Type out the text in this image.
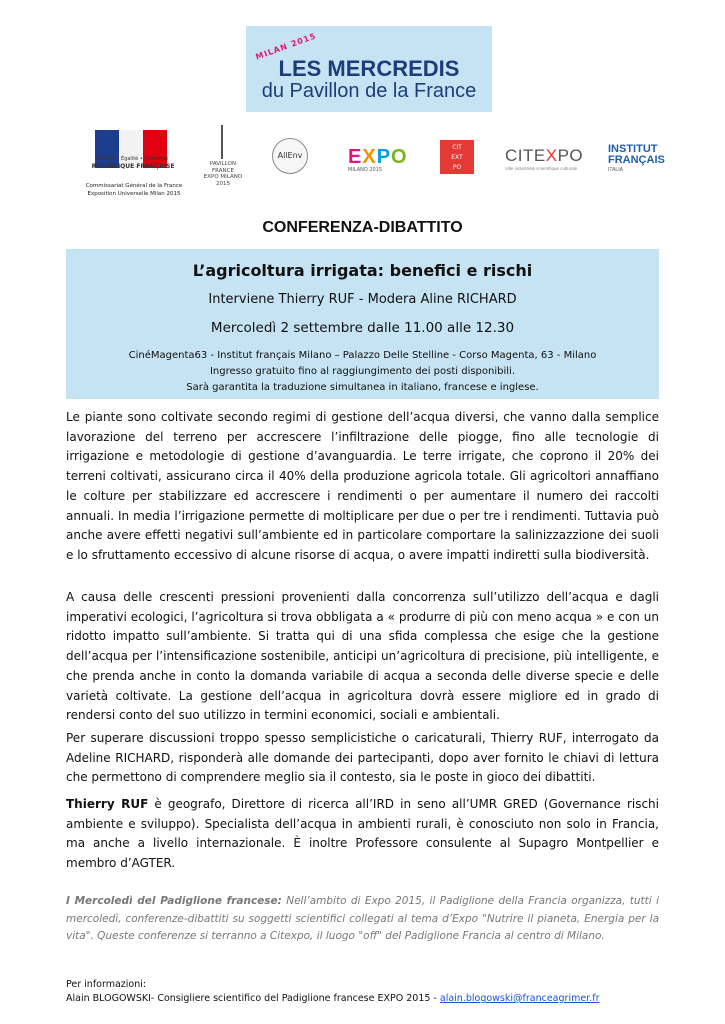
MILAN 2015
LES MERCREDIS
du Pavillon de la France
Liberté • Égalité • Fraternité
RÉPUBLIQUE FRANÇAISE
Commissariat Général de la France
Exposition Universelle Milan 2015
PAVILLON
FRANCE
EXPO MILANO 2015
AllEnv EXPO
MILANO 2015
CIT
EXT
PO
CITEXPO
Ville industriale scientifique culturale
INSTITUT
FRANÇAIS
ITALIA
CONFERENZA-DIBATTITO
L’agricoltura irrigata: benefici e rischi
Interviene Thierry RUF - Modera Aline RICHARD
Mercoledì 2 settembre dalle 11.00 alle 12.30
CinéMagenta63 - Institut français Milano – Palazzo Delle Stelline - Corso Magenta, 63 - Milano
Ingresso gratuito fino al raggiungimento dei posti disponibili.
Sarà garantita la traduzione simultanea in italiano, francese e inglese.

Le piante sono coltivate secondo regimi di gestione dell’acqua diversi, che vanno dalla semplice lavorazione del terreno per accrescere l’infiltrazione delle piogge, fino alle tecnologie di irrigazione e metodologie di gestione d’avanguardia. Le terre irrigate, che coprono il 20% dei terreni coltivati, assicurano circa il 40% della produzione agricola totale. Gli agricoltori annaffiano le colture per stabilizzare ed accrescere i rendimenti o per aumentare il numero dei raccolti annuali. In media l’irrigazione permette di moltiplicare per due o per tre i rendimenti. Tuttavia può anche avere effetti negativi sull’ambiente ed in particolare comportare la salinizzazzione dei suoli e lo sfruttamento eccessivo di alcune risorse di acqua, o avere impatti indiretti sulla biodiversità.

A causa delle crescenti pressioni provenienti dalla concorrenza sull’utilizzo dell’acqua e dagli imperativi ecologici, l’agricoltura si trova obbligata a « produrre di più con meno acqua » e con un ridotto impatto sull’ambiente. Si tratta qui di una sfida complessa che esige che la gestione dell’acqua per l’intensificazione sostenibile, anticipi un’agricoltura di precisione, più intelligente, e che prenda anche in conto la domanda variabile di acqua a seconda delle diverse specie e delle varietà coltivate. La gestione dell’acqua in agricoltura dovrà essere migliore ed in grado di rendersi conto del suo utilizzo in termini economici, sociali e ambientali.

Per superare discussioni troppo spesso semplicistiche o caricaturali, Thierry RUF, interrogato da Adeline RICHARD, risponderà alle domande dei partecipanti, dopo aver fornito le chiavi di lettura che permettono di comprendere meglio sia il contesto, sia le poste in gioco dei dibattiti.

Thierry RUF è geografo, Direttore di ricerca all’IRD in seno all’UMR GRED (Governance rischi ambiente e sviluppo). Specialista dell’acqua in ambienti rurali, è conosciuto non solo in Francia, ma anche a livello internazionale. È inoltre Professore consulente al Supagro Montpellier e membro d’AGTER.

I Mercoledì del Padiglione francese: Nell’ambito di Expo 2015, il Padiglione della Francia organizza, tutti i mercoledì, conferenze-dibattiti su soggetti scientifici collegati al tema d’Expo "Nutrire il pianeta, Energia per la vita". Queste conferenze si terranno a Citexpo, il luogo "off" del Padiglione Francia al centro di Milano.

Per informazioni:
Alain BLOGOWSKI- Consigliere scientifico del Padiglione francese EXPO 2015 - alain.blogowski@franceagrimer.fr
